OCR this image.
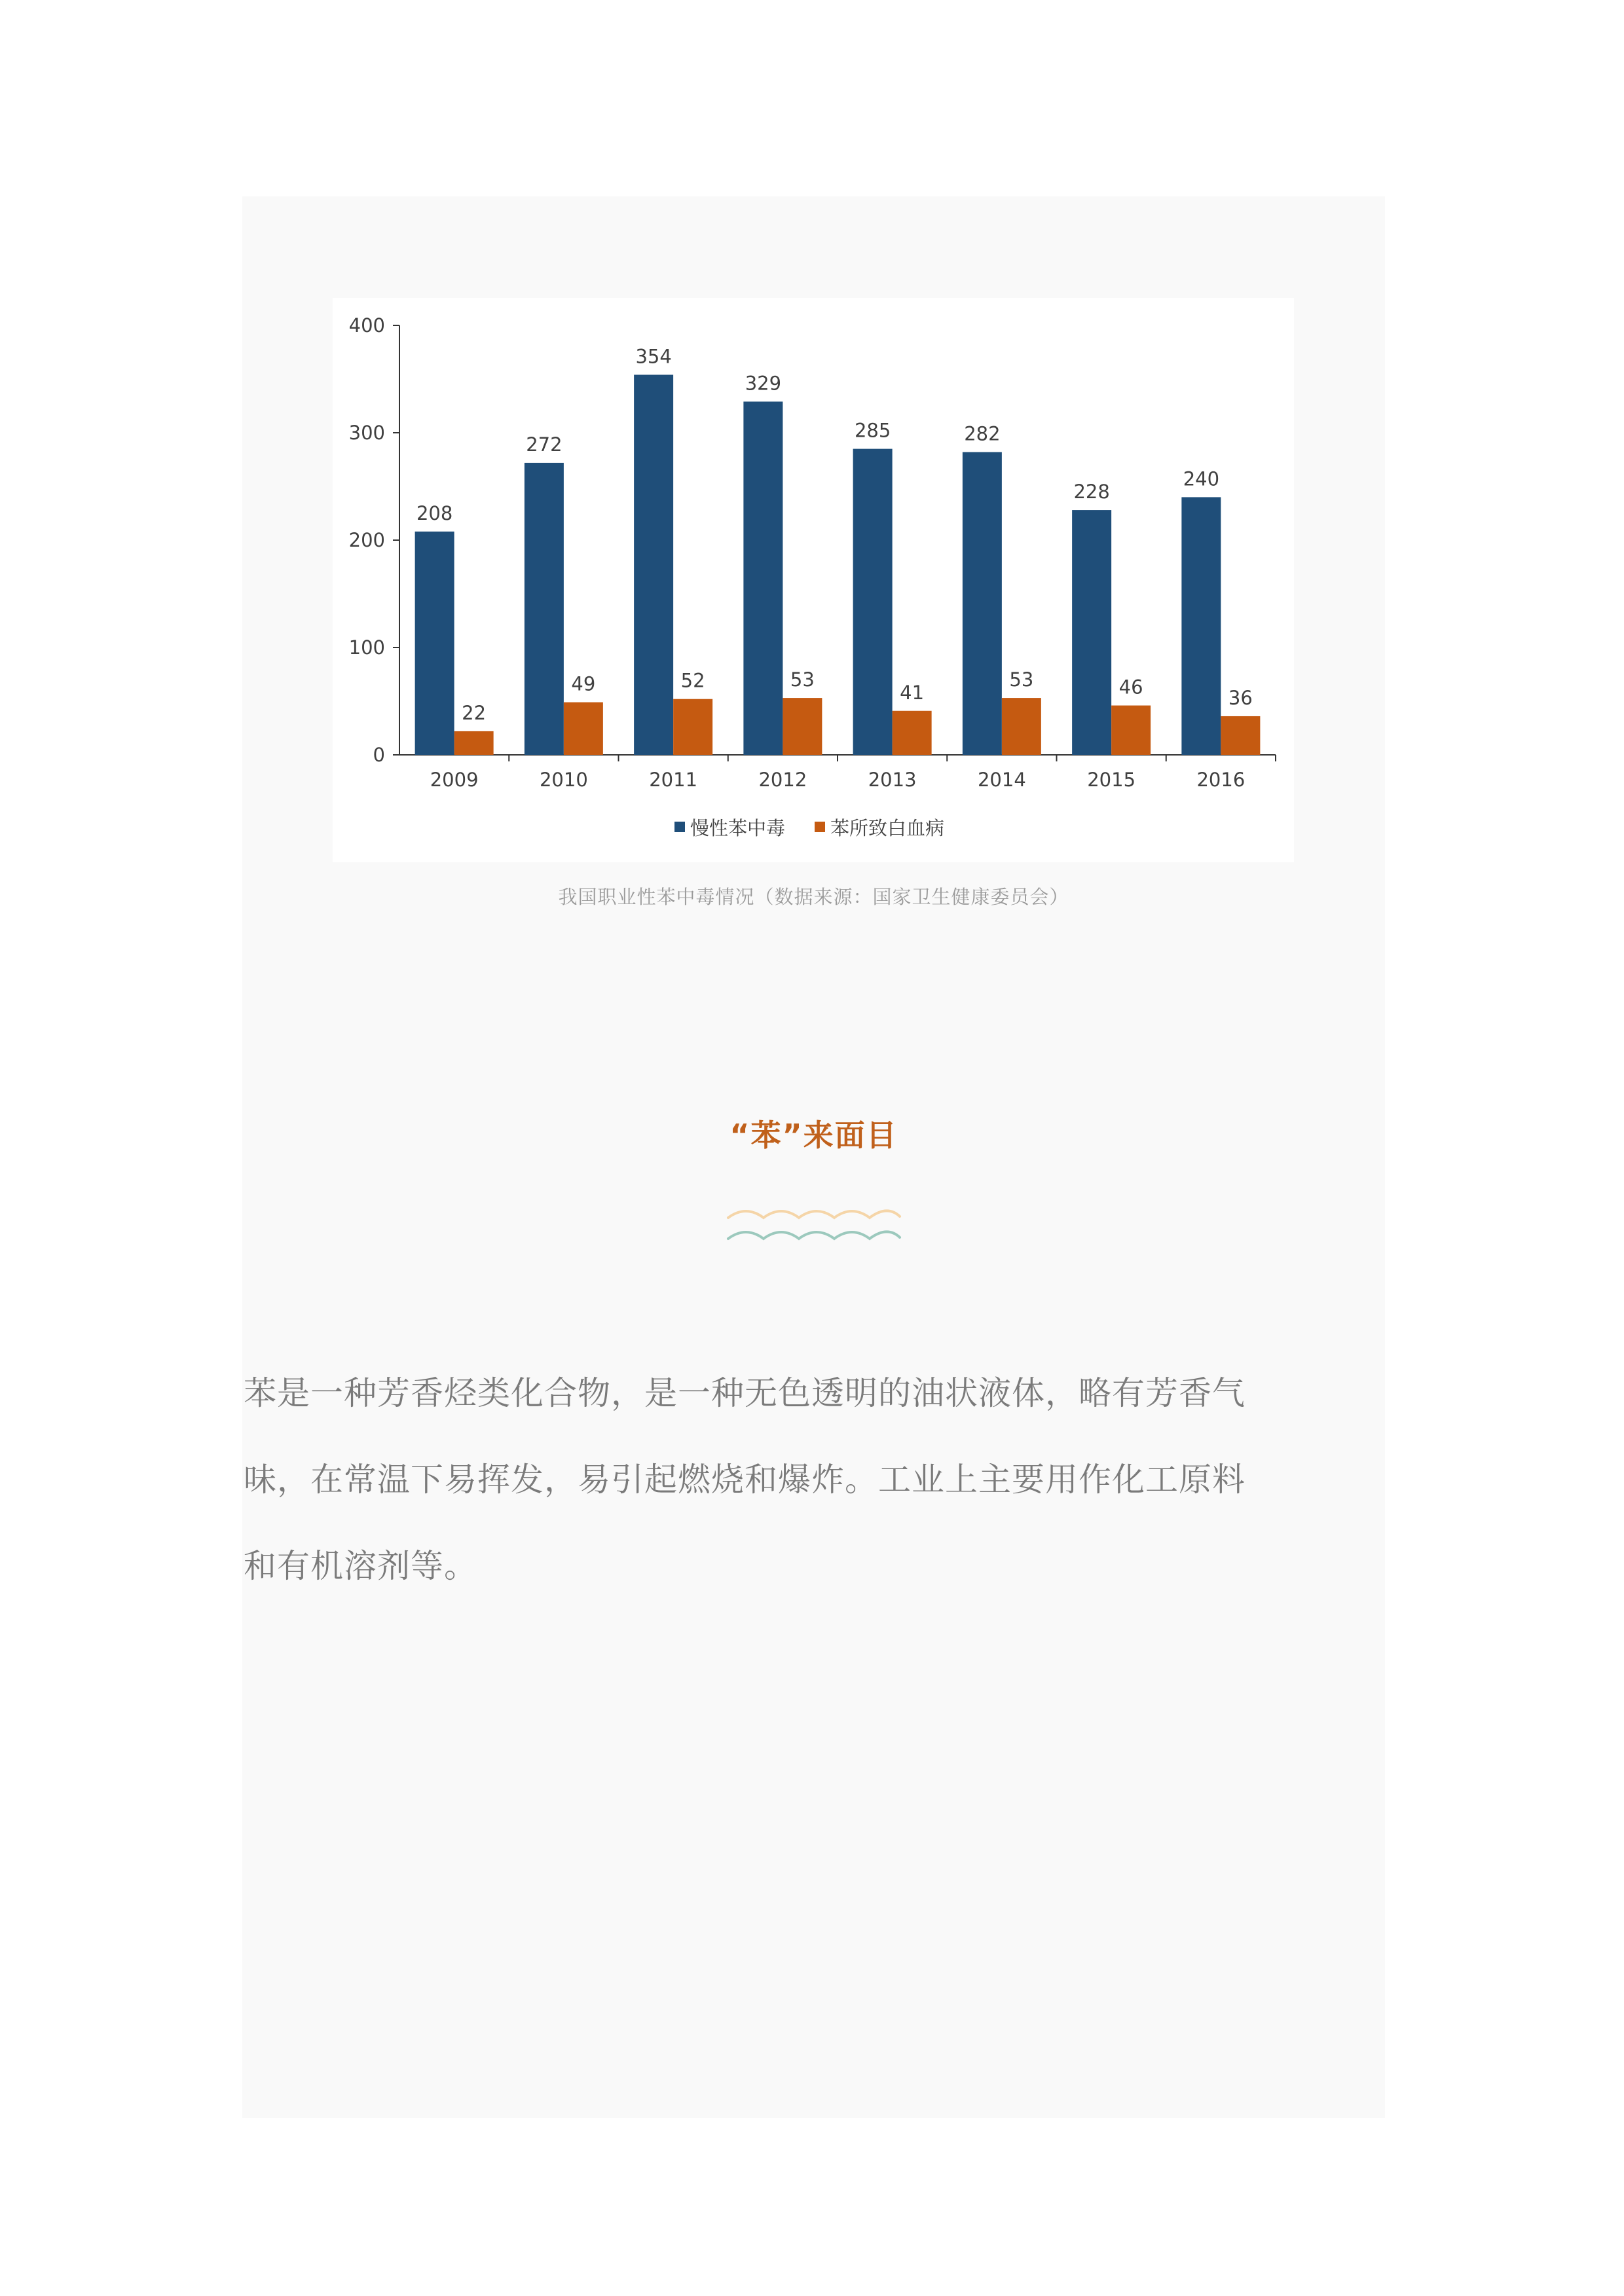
0
100
200
300
400
208
22
2009
272
49
2010
354
52
2011
329
53
2012
285
41
2013
282
53
2014
228
46
2015
240
36
2016
慢性苯中毒 苯所致白血病
我国职业性苯中毒情况（数据来源：国家卫生健康委员会）
“苯”来面目
苯是一种芳香烃类化合物，是一种无色透明的油状液体，略有芳香气
味，在常温下易挥发，易引起燃烧和爆炸。工业上主要用作化工原料
和有机溶剂等。
